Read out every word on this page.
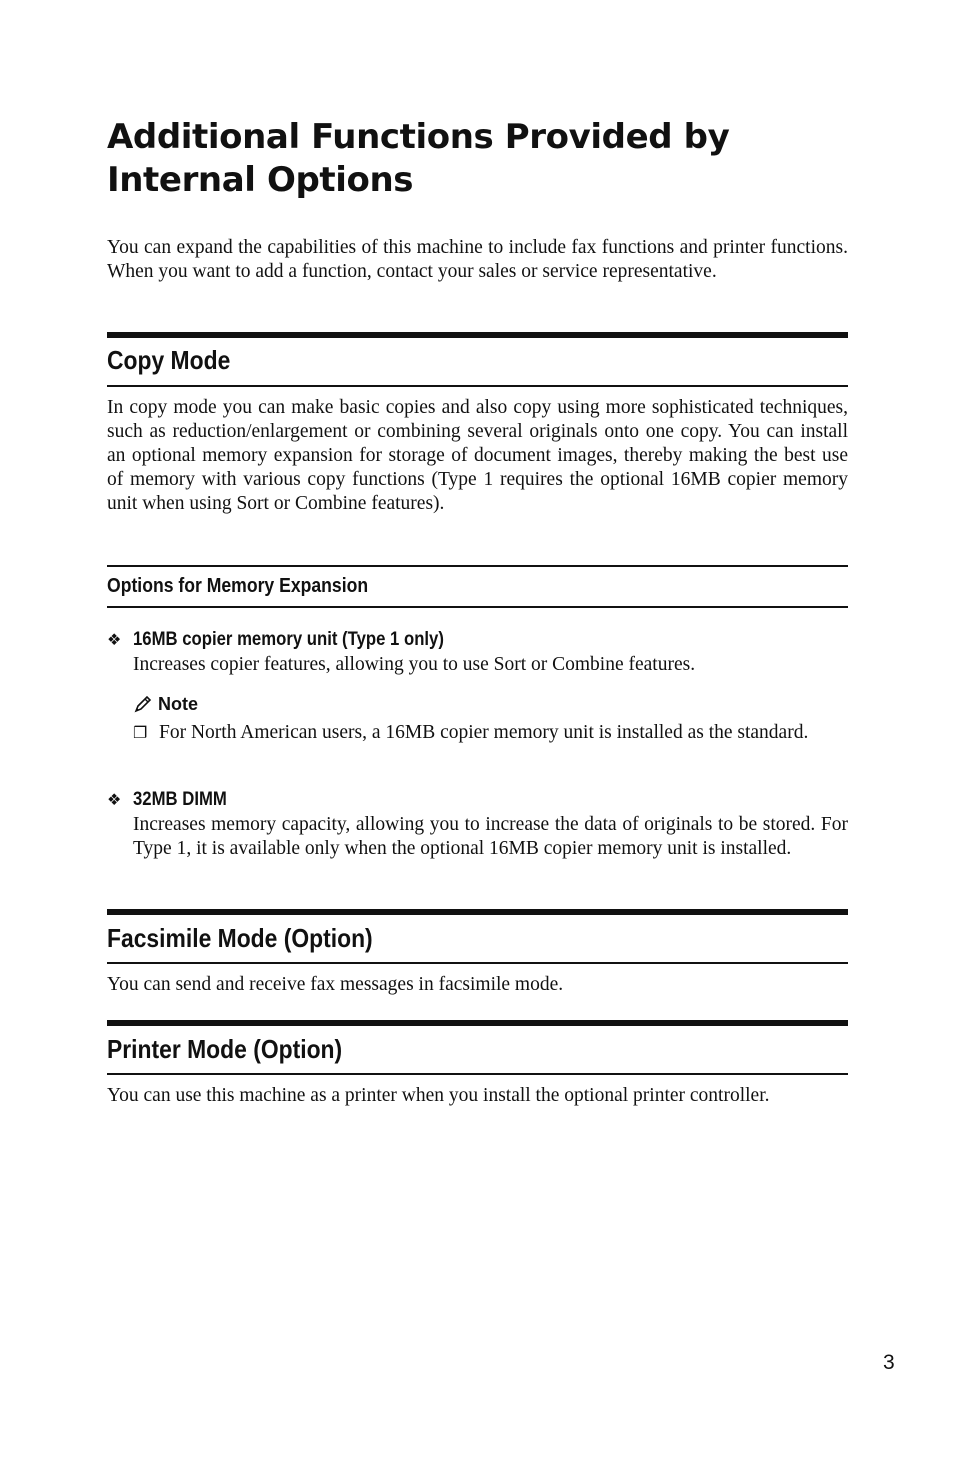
Additional Functions Provided by Internal Options

You can expand the capabilities of this machine to include fax functions and printer functions. When you want to add a function, contact your sales or service representative.

Copy Mode

In copy mode you can make basic copies and also copy using more sophisticated techniques, such as reduction/enlargement or combining several originals onto one copy. You can install an optional memory expansion for storage of document images, thereby making the best use of memory with various copy functions (Type 1 requires the optional 16MB copier memory unit when using Sort or Combine features).

Options for Memory Expansion
❖ 16MB copier memory unit (Type 1 only)

Increases copier features, allowing you to use Sort or Combine features.

Note
❐ For North American users, a 16MB copier memory unit is installed as the standard.

❖ 32MB DIMM

Increases memory capacity, allowing you to increase the data of originals to be stored. For Type 1, it is available only when the optional 16MB copier memory unit is installed.

Facsimile Mode (Option)

You can send and receive fax messages in facsimile mode.

Printer Mode (Option)

You can use this machine as a printer when you install the optional printer controller.

3
